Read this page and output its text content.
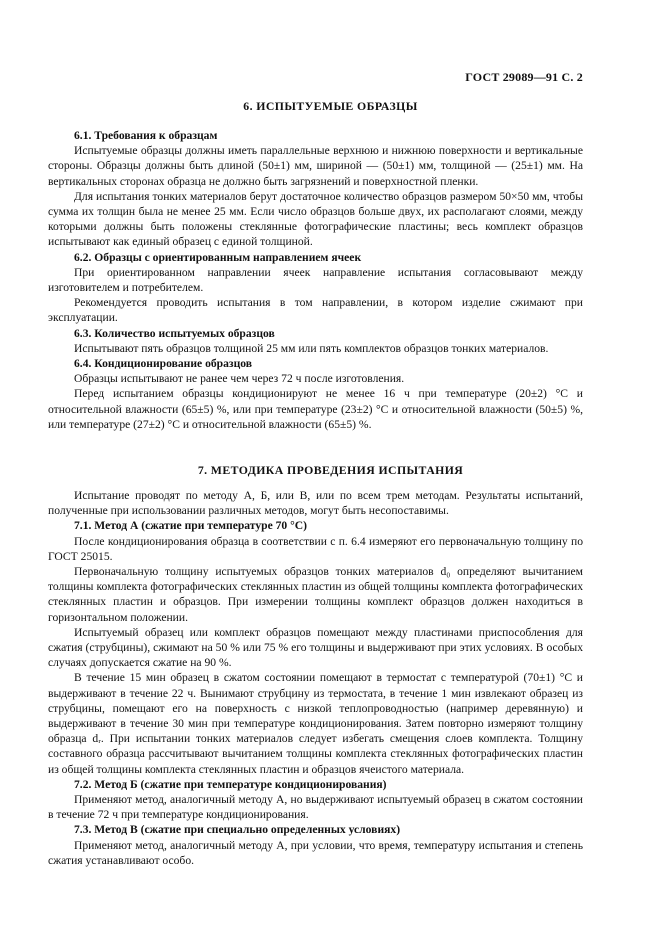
ГОСТ 29089—91 С. 2
6. ИСПЫТУЕМЫЕ ОБРАЗЦЫ

6.1. Требования к образцам

Испытуемые образцы должны иметь параллельные верхнюю и нижнюю поверхности и вертикальные стороны. Образцы должны быть длиной (50±1) мм, шириной — (50±1) мм, толщиной — (25±1) мм. На вертикальных сторонах образца не должно быть загрязнений и поверхностной пленки.

Для испытания тонких материалов берут достаточное количество образцов размером 50×50 мм, чтобы сумма их толщин была не менее 25 мм. Если число образцов больше двух, их располагают слоями, между которыми должны быть положены стеклянные фотографические пластины; весь комплект образцов испытывают как единый образец с единой толщиной.

6.2. Образцы с ориентированным направлением ячеек

При ориентированном направлении ячеек направление испытания согласовывают между изготовителем и потребителем.

Рекомендуется проводить испытания в том направлении, в котором изделие сжимают при эксплуатации.

6.3. Количество испытуемых образцов

Испытывают пять образцов толщиной 25 мм или пять комплектов образцов тонких материалов.

6.4. Кондиционирование образцов

Образцы испытывают не ранее чем через 72 ч после изготовления.

Перед испытанием образцы кондиционируют не менее 16 ч при температуре (20±2) °С и относительной влажности (65±5) %, или при температуре (23±2) °С и относительной влажности (50±5) %, или температуре (27±2) °С и относительной влажности (65±5) %.

7. МЕТОДИКА ПРОВЕДЕНИЯ ИСПЫТАНИЯ

Испытание проводят по методу А, Б, или В, или по всем трем методам. Результаты испытаний, полученные при использовании различных методов, могут быть несопоставимы.

7.1. Метод А (сжатие при температуре 70 °С)

После кондиционирования образца в соответствии с п. 6.4 измеряют его первоначальную толщину по ГОСТ 25015.

Первоначальную толщину испытуемых образцов тонких материалов d₀ определяют вычитанием толщины комплекта фотографических стеклянных пластин из общей толщины комплекта фотографических стеклянных пластин и образцов. При измерении толщины комплект образцов должен находиться в горизонтальном положении.

Испытуемый образец или комплект образцов помещают между пластинами приспособления для сжатия (струбцины), сжимают на 50 % или 75 % его толщины и выдерживают при этих условиях. В особых случаях допускается сжатие на 90 %.

В течение 15 мин образец в сжатом состоянии помещают в термостат с температурой (70±1) °С и выдерживают в течение 22 ч. Вынимают струбцину из термостата, в течение 1 мин извлекают образец из струбцины, помещают его на поверхность с низкой теплопроводностью (например деревянную) и выдерживают в течение 30 мин при температуре кондиционирования. Затем повторно измеряют толщину образца dᵣ. При испытании тонких материалов следует избегать смещения слоев комплекта. Толщину составного образца рассчитывают вычитанием толщины комплекта стеклянных фотографических пластин из общей толщины комплекта стеклянных пластин и образцов ячеистого материала.

7.2. Метод Б (сжатие при температуре кондиционирования)

Применяют метод, аналогичный методу А, но выдерживают испытуемый образец в сжатом состоянии в течение 72 ч при температуре кондиционирования.

7.3. Метод В (сжатие при специально определенных условиях)

Применяют метод, аналогичный методу А, при условии, что время, температуру испытания и степень сжатия устанавливают особо.
